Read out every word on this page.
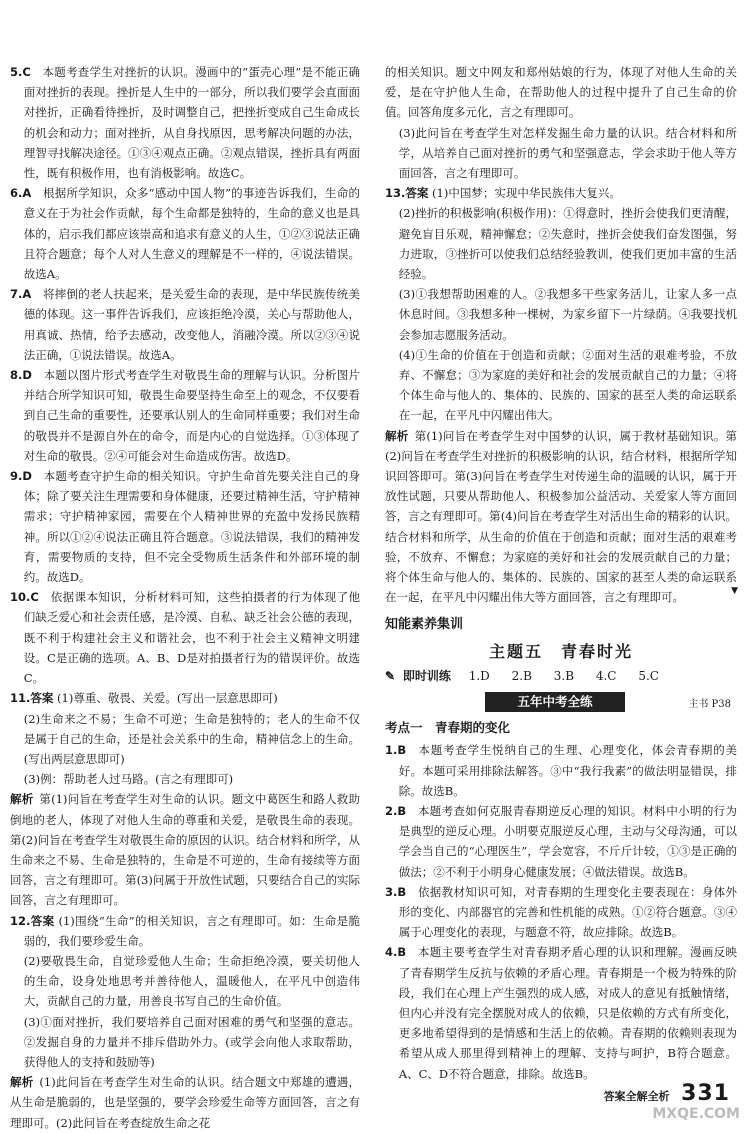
5.C  本题考查学生对挫折的认识。漫画中的“蛋壳心理”是不能正确面对挫折的表现。挫折是人生中的一部分，所以我们要学会直面面对挫折，正确看待挫折，及时调整自己，把挫折变成自己生命成长的机会和动力；面对挫折，从自身找原因，思考解决问题的办法，理智寻找解决途径。①③④观点正确。②观点错误，挫折具有两面性，既有积极作用，也有消极影响。故选C。

6.A  根据所学知识，众多“感动中国人物”的事迹告诉我们，生命的意义在于为社会作贡献，每个生命都是独特的，生命的意义也是具体的，启示我们都应该崇高和追求有意义的人生，①②③说法正确且符合题意；每个人对人生意义的理解是不一样的，④说法错误。故选A。

7.A  将摔倒的老人扶起来，是关爱生命的表现，是中华民族传统美德的体现。这一事件告诉我们，应该拒绝冷漠，关心与帮助他人，用真诚、热情，给予去感动，改变他人，消融冷漠。所以②③④说法正确，①说法错误。故选A。

8.D  本题以图片形式考查学生对敬畏生命的理解与认识。分析图片并结合所学知识可知，敬畏生命要坚持生命至上的观念，不仅要看到自己生命的重要性，还要承认别人的生命同样重要；我们对生命的敬畏并不是源自外在的命令，而是内心的自觉选择。①③体现了对生命的敬畏。②④可能会对生命造成伤害。故选D。

9.D  本题考查守护生命的相关知识。守护生命首先要关注自己的身体；除了要关注生理需要和身体健康，还要过精神生活，守护精神需求；守护精神家园，需要在个人精神世界的充盈中发扬民族精神。所以①②④说法正确且符合题意。③说法错误，我们的精神发育，需要物质的支持，但不完全受物质生活条件和外部环境的制约。故选D。

10.C  依据课本知识，分析材料可知，这些拍摄者的行为体现了他们缺乏爱心和社会责任感，是冷漠、自私、缺乏社会公德的表现，既不利于构建社会主义和谐社会，也不利于社会主义精神文明建设。C是正确的选项。A、B、D是对拍摄者行为的错误评价。故选C。

11.答案 (1)尊重、敬畏、关爱。(写出一层意思即可)

(2)生命来之不易；生命不可逆；生命是独特的；老人的生命不仅是属于自己的生命，还是社会关系中的生命，精神信念上的生命。(写出两层意思即可)

(3)例：帮助老人过马路。(言之有理即可)

解析 第(1)问旨在考查学生对生命的认识。题文中葛医生和路人救助倒地的老人，体现了对他人生命的尊重和关爱，是敬畏生命的表现。第(2)问旨在考查学生对敬畏生命的原因的认识。结合材料和所学，从生命来之不易、生命是独特的，生命是不可逆的，生命有接续等方面回答，言之有理即可。第(3)问属于开放性试题，只要结合自己的实际回答，言之有理即可。

12.答案 (1)围绕“生命”的相关知识，言之有理即可。如：生命是脆弱的，我们要珍爱生命。

(2)要敬畏生命，自觉珍爱他人生命；生命拒绝冷漠，要关切他人的生命，设身处地思考并善待他人，温暖他人，在平凡中创造伟大，贡献自己的力量，用善良书写自己的生命价值。

(3)①面对挫折，我们要培养自己面对困难的勇气和坚强的意志。②发掘自身的力量并不排斥借助外力。(或学会向他人求取帮助，获得他人的支持和鼓励等)

解析 (1)此问旨在考查学生对生命的认识。结合题文中郑雄的遭遇，从生命是脆弱的，也是坚强的，要学会珍爱生命等方面回答，言之有理即可。(2)此问旨在考查绽放生命之花

的相关知识。题文中网友和郑州姑娘的行为，体现了对他人生命的关爱，是在守护他人生命，在帮助他人的过程中提升了自己生命的价值。回答角度多元化，言之有理即可。

(3)此问旨在考查学生对怎样发掘生命力量的认识。结合材料和所学，从培养自己面对挫折的勇气和坚强意志，学会求助于他人等方面回答，言之有理即可。

13.答案 (1)中国梦；实现中华民族伟大复兴。

(2)挫折的积极影响(积极作用)：①得意时，挫折会使我们更清醒，避免盲目乐观，精神懈怠；②失意时，挫折会使我们奋发图强，努力进取，③挫折可以使我们总结经验教训，使我们更加丰富的生活经验。

(3)①我想帮助困难的人。②我想多干些家务活儿，让家人多一点休息时间。③我想多种一棵树，为家乡留下一片绿荫。④我要找机会参加志愿服务活动。

(4)①生命的价值在于创造和贡献；②面对生活的艰难考验，不放弃、不懈怠；③为家庭的美好和社会的发展贡献自己的力量；④将个体生命与他人的、集体的、民族的、国家的甚至人类的命运联系在一起，在平凡中闪耀出伟大。

解析 第(1)问旨在考查学生对中国梦的认识，属于教材基础知识。第(2)问旨在考查学生对挫折的积极影响的认识，结合材料，根据所学知识回答即可。第(3)问旨在考查学生对传递生命的温暖的认识，属于开放性试题，只要从帮助他人、积极参加公益活动、关爱家人等方面回答，言之有理即可。第(4)问旨在考查学生对活出生命的精彩的认识。结合材料和所学，从生命的价值在于创造和贡献；面对生活的艰难考验，不放弃、不懈怠；为家庭的美好和社会的发展贡献自己的力量；将个体生命与他人的、集体的、民族的、国家的甚至人类的命运联系在一起，在平凡中闪耀出伟大等方面回答，言之有理即可。

知能素养集训
主题五　青春时光
✎ 即时训练 1.D 2.B 3.B 4.C 5.C
五年中考全练	主书 P38
考点一　青春期的变化

1.B  本题考查学生悦纳自己的生理、心理变化，体会青春期的美好。本题可采用排除法解答。③中“我行我素”的做法明显错误，排除。故选B。

2.B  本题考查如何克服青春期逆反心理的知识。材料中小明的行为是典型的逆反心理。小明要克服逆反心理，主动与父母沟通，可以学会当自己的“心理医生”，学会宽容，不斤斤计较，①③是正确的做法；②不利于小明身心健康发展；④做法错误。故选B。

3.B  依据教材知识可知，对青春期的生理变化主要表现在：身体外形的变化、内部器官的完善和性机能的成熟。①②符合题意。③④属于心理变化的表现，与题意不符，故应排除。故选B。

4.B  本题主要考查学生对青春期矛盾心理的认识和理解。漫画反映了青春期学生反抗与依赖的矛盾心理。青春期是一个极为特殊的阶段，我们在心理上产生强烈的成人感，对成人的意见有抵触情绪，但内心并没有完全摆脱对成人的依赖，只是依赖的方式有所变化，更多地希望得到的是情感和生活上的依赖。青春期的依赖则表现为希望从成人那里得到精神上的理解、支持与呵护，B符合题意。A、C、D不符合题意，排除。故选B。

▼
答案全解全析 331
MXQE.COM
